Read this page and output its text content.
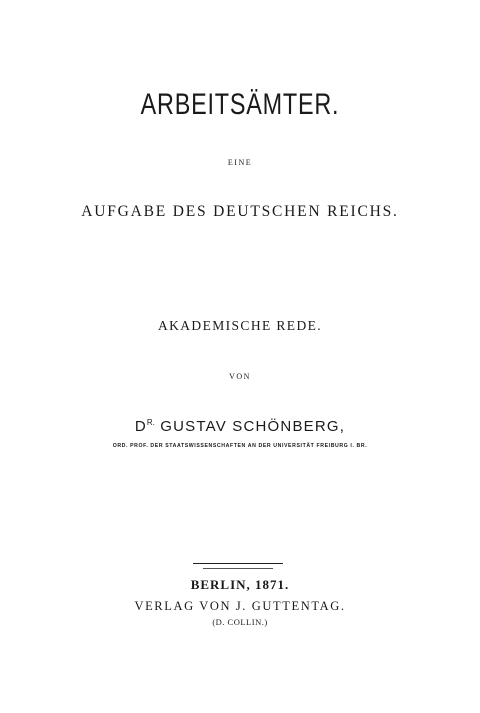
ARBEITSÄMTER.
EINE
AUFGABE DES DEUTSCHEN REICHS.
AKADEMISCHE REDE.
VON
$D^{R.}$ GUSTAV SCHÖNBERG,
ORD. PROF. DER STAATSWISSENSCHAFTEN AN DER UNIVERSITÄT FREIBURG I. BR.
BERLIN, 1871.
VERLAG VON J. GUTTENTAG.
(D. COLLIN.)
